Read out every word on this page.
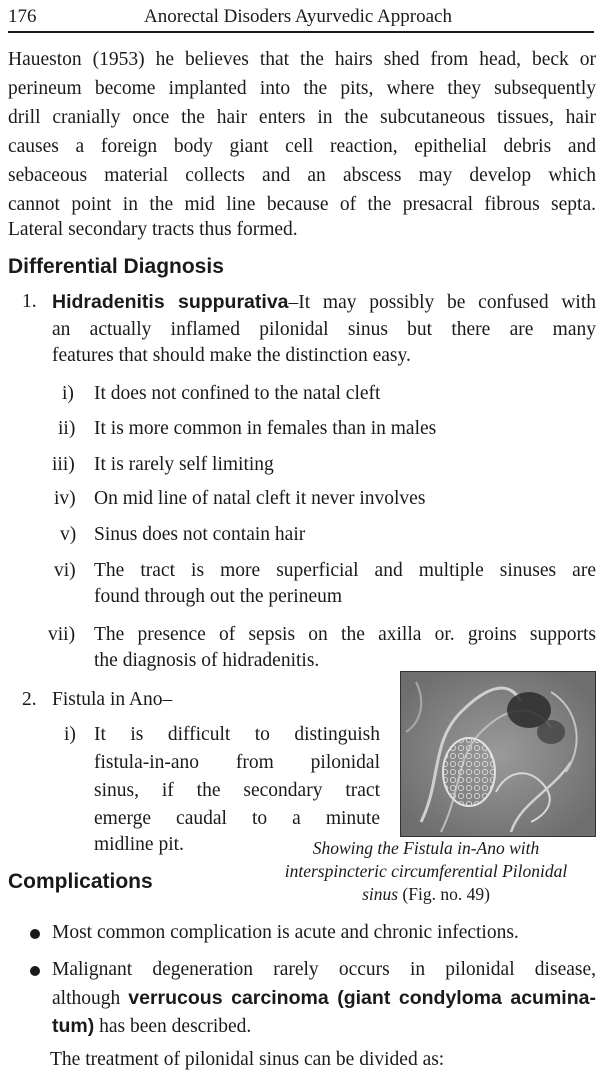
176	Anorectal Disoders Ayurvedic Approach
Haueston (1953) he believes that the hairs shed from head, beck or
perineum become implanted into the pits, where they subsequently
drill cranially once the hair enters in the subcutaneous tissues, hair
causes a foreign body giant cell reaction, epithelial debris and
sebaceous material collects and an abscess may develop which
cannot point in the mid line because of the presacral fibrous septa.
Lateral secondary tracts thus formed.
Differential Diagnosis
1. Hidradenitis suppurativa–It may possibly be confused with
an actually inflamed pilonidal sinus but there are many
features that should make the distinction easy.
i) It does not confined to the natal cleft
ii) It is more common in females than in males
iii) It is rarely self limiting
iv) On mid line of natal cleft it never involves
v) Sinus does not contain hair
vi) The tract is more superficial and multiple sinuses are
found through out the perineum
vii) The presence of sepsis on the axilla or. groins supports
the diagnosis of hidradenitis.
2. Fistula in Ano–
i) It is difficult to distinguish
fistula-in-ano from pilonidal
sinus, if the secondary tract
emerge caudal to a minute
midline pit.	Showing the Fistula in-Ano with
interspincteric circumferential Pilonidal
sinus (Fig. no. 49)
Complications
Most common complication is acute and chronic infections.
Malignant degeneration rarely occurs in pilonidal disease,
although verrucous carcinoma (giant condyloma acumina-
tum) has been described.
The treatment of pilonidal sinus can be divided as:
